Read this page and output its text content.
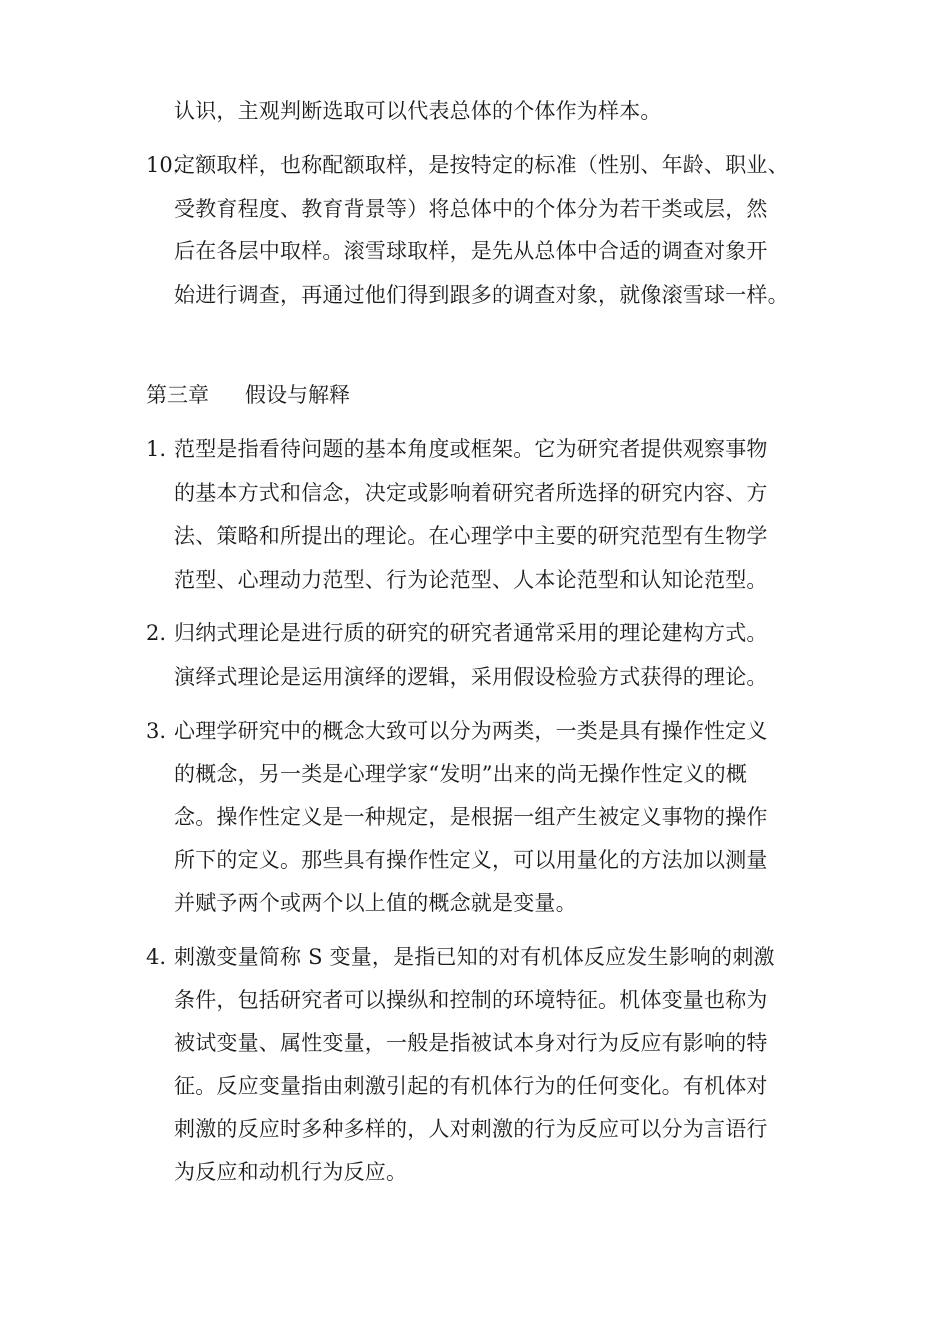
认识，主观判断选取可以代表总体的个体作为样本。
10.
定额取样，也称配额取样，是按特定的标准（性别、年龄、职业、
受教育程度、教育背景等）将总体中的个体分为若干类或层，然
后在各层中取样。滚雪球取样，是先从总体中合适的调查对象开
始进行调查，再通过他们得到跟多的调查对象，就像滚雪球一样。
第三章 假设与解释
1. 范型是指看待问题的基本角度或框架。它为研究者提供观察事物
的基本方式和信念，决定或影响着研究者所选择的研究内容、方
法、策略和所提出的理论。在心理学中主要的研究范型有生物学
范型、心理动力范型、行为论范型、人本论范型和认知论范型。
2. 归纳式理论是进行质的研究的研究者通常采用的理论建构方式。
演绎式理论是运用演绎的逻辑，采用假设检验方式获得的理论。
3. 心理学研究中的概念大致可以分为两类，一类是具有操作性定义
的概念，另一类是心理学家“发明”出来的尚无操作性定义的概
念。操作性定义是一种规定，是根据一组产生被定义事物的操作
所下的定义。那些具有操作性定义，可以用量化的方法加以测量
并赋予两个或两个以上值的概念就是变量。
4. 刺激变量简称 S 变量，是指已知的对有机体反应发生影响的刺激
条件，包括研究者可以操纵和控制的环境特征。机体变量也称为
被试变量、属性变量，一般是指被试本身对行为反应有影响的特
征。反应变量指由刺激引起的有机体行为的任何变化。有机体对
刺激的反应时多种多样的，人对刺激的行为反应可以分为言语行
为反应和动机行为反应。
